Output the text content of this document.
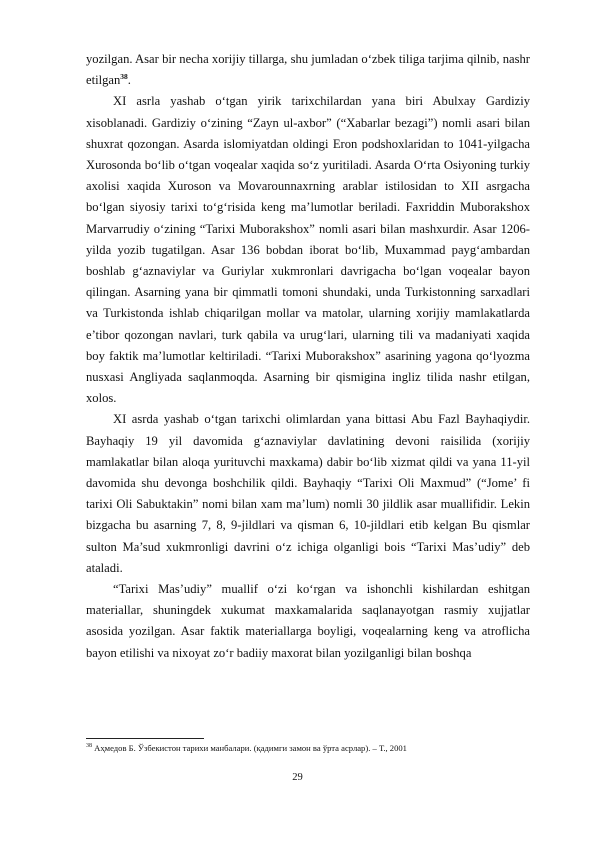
yozilgan. Asar bir necha xorijiy tillarga, shu jumladan o‘zbek tiliga tarjima qilnib, nashr etilgan$^{38}$.

XI asrla yashab o‘tgan yirik tarixchilardan yana biri Abulxay Gardiziy xisoblanadi. Gardiziy o‘zining “Zayn ul-axbor” (“Xabarlar bezagi”) nomli asari bilan shuxrat qozongan. Asarda islomiyatdan oldingi Eron podshoxlaridan to 1041-yilgacha Xurosonda bo‘lib o‘tgan voqealar xaqida so‘z yuritiladi. Asarda O‘rta Osiyoning turkiy axolisi xaqida Xuroson va Movarounnaxrning arablar istilosidan to XII asrgacha bo‘lgan siyosiy tarixi to‘g‘risida keng ma’lumotlar beriladi. Faxriddin Muborakshox Marvarrudiy o‘zining “Tarixi Muborakshox” nomli asari bilan mashxurdir. Asar 1206-yilda yozib tugatilgan. Asar 136 bobdan iborat bo‘lib, Muxammad payg‘ambardan boshlab g‘aznaviylar va Guriylar xukmronlari davrigacha bo‘lgan voqealar bayon qilingan. Asarning yana bir qimmatli tomoni shundaki, unda Turkistonning sarxadlari va Turkistonda ishlab chiqarilgan mollar va matolar, ularning xorijiy mamlakatlarda e’tibor qozongan navlari, turk qabila va urug‘lari, ularning tili va madaniyati xaqida boy faktik ma’lumotlar keltiriladi. “Tarixi Muborakshox” asarining yagona qo‘lyozma nusxasi Angliyada saqlanmoqda. Asarning bir qismigina ingliz tilida nashr etilgan, xolos.

XI asrda yashab o‘tgan tarixchi olimlardan yana bittasi Abu Fazl Bayhaqiydir. Bayhaqiy 19 yil davomida g‘aznaviylar davlatining devoni raisilida (xorijiy mamlakatlar bilan aloqa yurituvchi maxkama) dabir bo‘lib xizmat qildi va yana 11-yil davomida shu devonga boshchilik qildi. Bayhaqiy “Tarixi Oli Maxmud” (“Jome’ fi tarixi Oli Sabuktakin” nomi bilan xam ma’lum) nomli 30 jildlik asar muallifidir. Lekin bizgacha bu asarning 7, 8, 9-jildlari va qisman 6, 10-jildlari etib kelgan Bu qismlar sulton Ma’sud xukmronligi davrini o‘z ichiga olganligi bois “Tarixi Mas’udiy” deb ataladi.

“Tarixi Mas’udiy” muallif o‘zi ko‘rgan va ishonchli kishilardan eshitgan materiallar, shuningdek xukumat maxkamalarida saqlanayotgan rasmiy xujjatlar asosida yozilgan. Asar faktik materiallarga boyligi, voqealarning keng va atroflicha bayon etilishi va nixoyat zo‘r badiiy maxorat bilan yozilganligi bilan boshqa

$^{38}$ Аҳмедов Б. Ўзбекистон тарихи манбалари. (қадимги замон ва ўрта асрлар). – Т., 2001
29
